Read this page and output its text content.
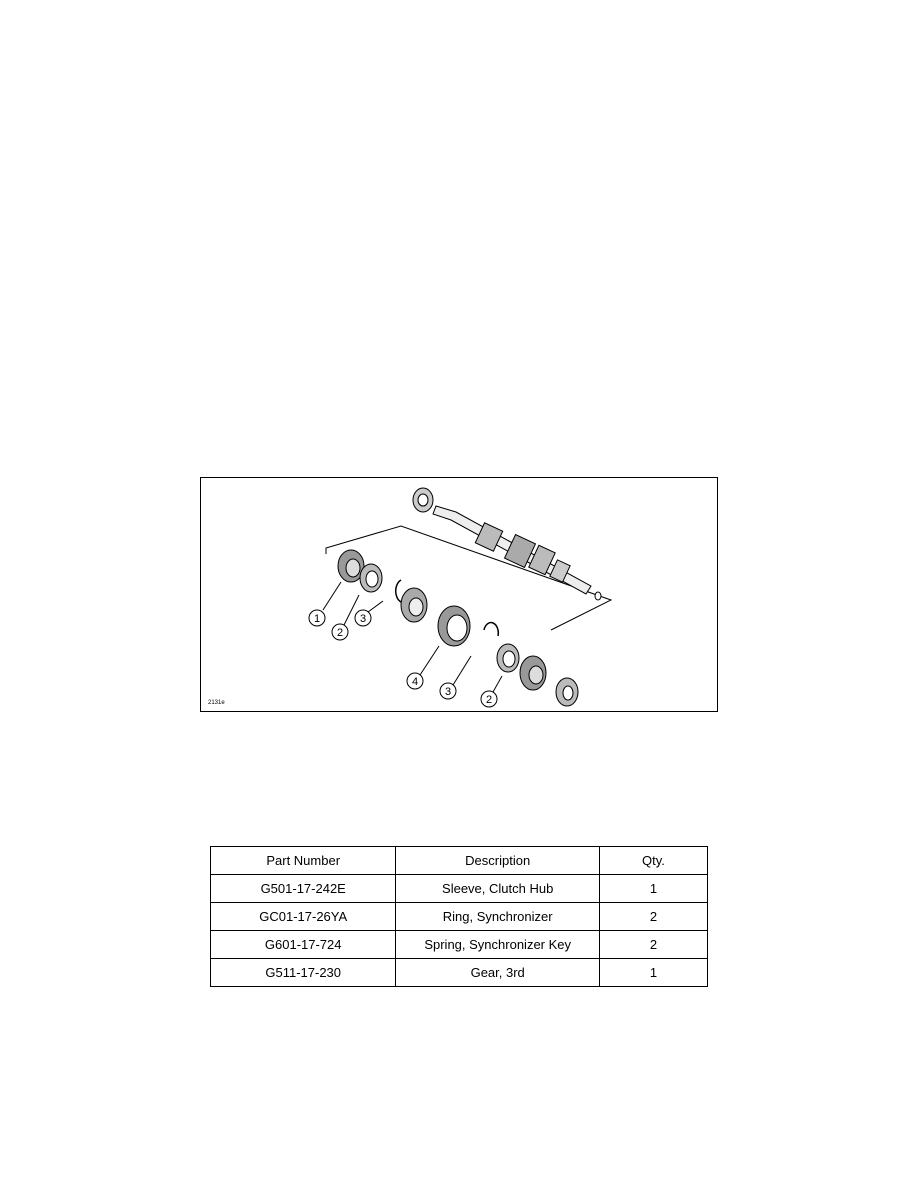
1
2
3
4
3
2
2131e
Part Number	Description	Qty.
G501-17-242E	Sleeve, Clutch Hub	1
GC01-17-26YA	Ring, Synchronizer	2
G601-17-724	Spring, Synchronizer Key	2
G511-17-230	Gear, 3rd	1
